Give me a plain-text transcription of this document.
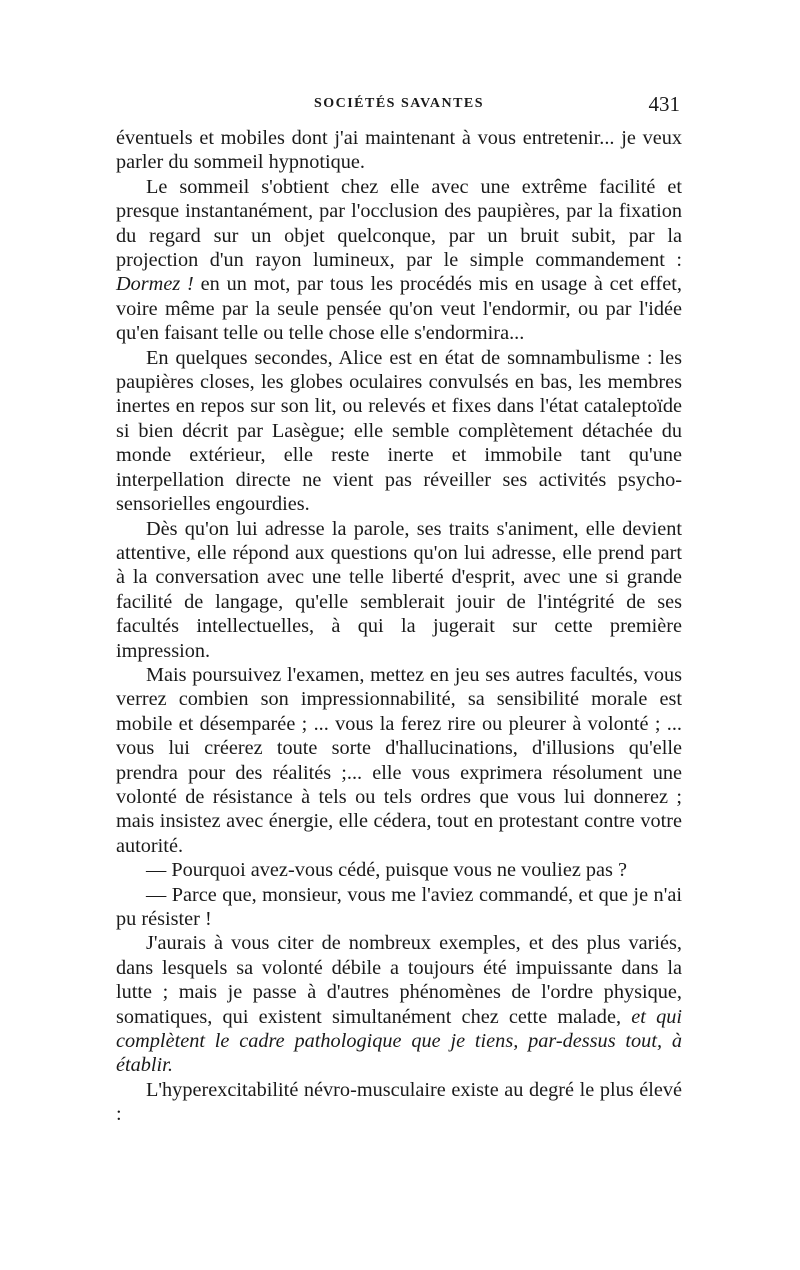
SOCIÉTÉS SAVANTES	431

éventuels et mobiles dont j'ai maintenant à vous entretenir... je veux parler du sommeil hypnotique.

Le sommeil s'obtient chez elle avec une extrême facilité et presque instantanément, par l'occlusion des paupières, par la fixation du regard sur un objet quelconque, par un bruit subit, par la projection d'un rayon lumineux, par le simple commandement : Dormez ! en un mot, par tous les procédés mis en usage à cet effet, voire même par la seule pensée qu'on veut l'endormir, ou par l'idée qu'en faisant telle ou telle chose elle s'endormira...

En quelques secondes, Alice est en état de somnambulisme : les paupières closes, les globes oculaires convulsés en bas, les membres inertes en repos sur son lit, ou relevés et fixes dans l'état cataleptoïde si bien décrit par Lasègue; elle semble complètement détachée du monde extérieur, elle reste inerte et immobile tant qu'une interpellation directe ne vient pas réveiller ses activités psycho-sensorielles engourdies.

Dès qu'on lui adresse la parole, ses traits s'animent, elle devient attentive, elle répond aux questions qu'on lui adresse, elle prend part à la conversation avec une telle liberté d'esprit, avec une si grande facilité de langage, qu'elle semblerait jouir de l'intégrité de ses facultés intellectuelles, à qui la jugerait sur cette première impression.

Mais poursuivez l'examen, mettez en jeu ses autres facultés, vous verrez combien son impressionnabilité, sa sensibilité morale est mobile et désemparée ; ... vous la ferez rire ou pleurer à volonté ; ... vous lui créerez toute sorte d'hallucinations, d'illusions qu'elle prendra pour des réalités ;... elle vous exprimera résolument une volonté de résistance à tels ou tels ordres que vous lui donnerez ; mais insistez avec énergie, elle cédera, tout en protestant contre votre autorité.

— Pourquoi avez-vous cédé, puisque vous ne vouliez pas ?

— Parce que, monsieur, vous me l'aviez commandé, et que je n'ai pu résister !

J'aurais à vous citer de nombreux exemples, et des plus variés, dans lesquels sa volonté débile a toujours été impuissante dans la lutte ; mais je passe à d'autres phénomènes de l'ordre physique, somatiques, qui existent simultanément chez cette malade, et qui complètent le cadre pathologique que je tiens, par-dessus tout, à établir.

L'hyperexcitabilité névro-musculaire existe au degré le plus élevé :
